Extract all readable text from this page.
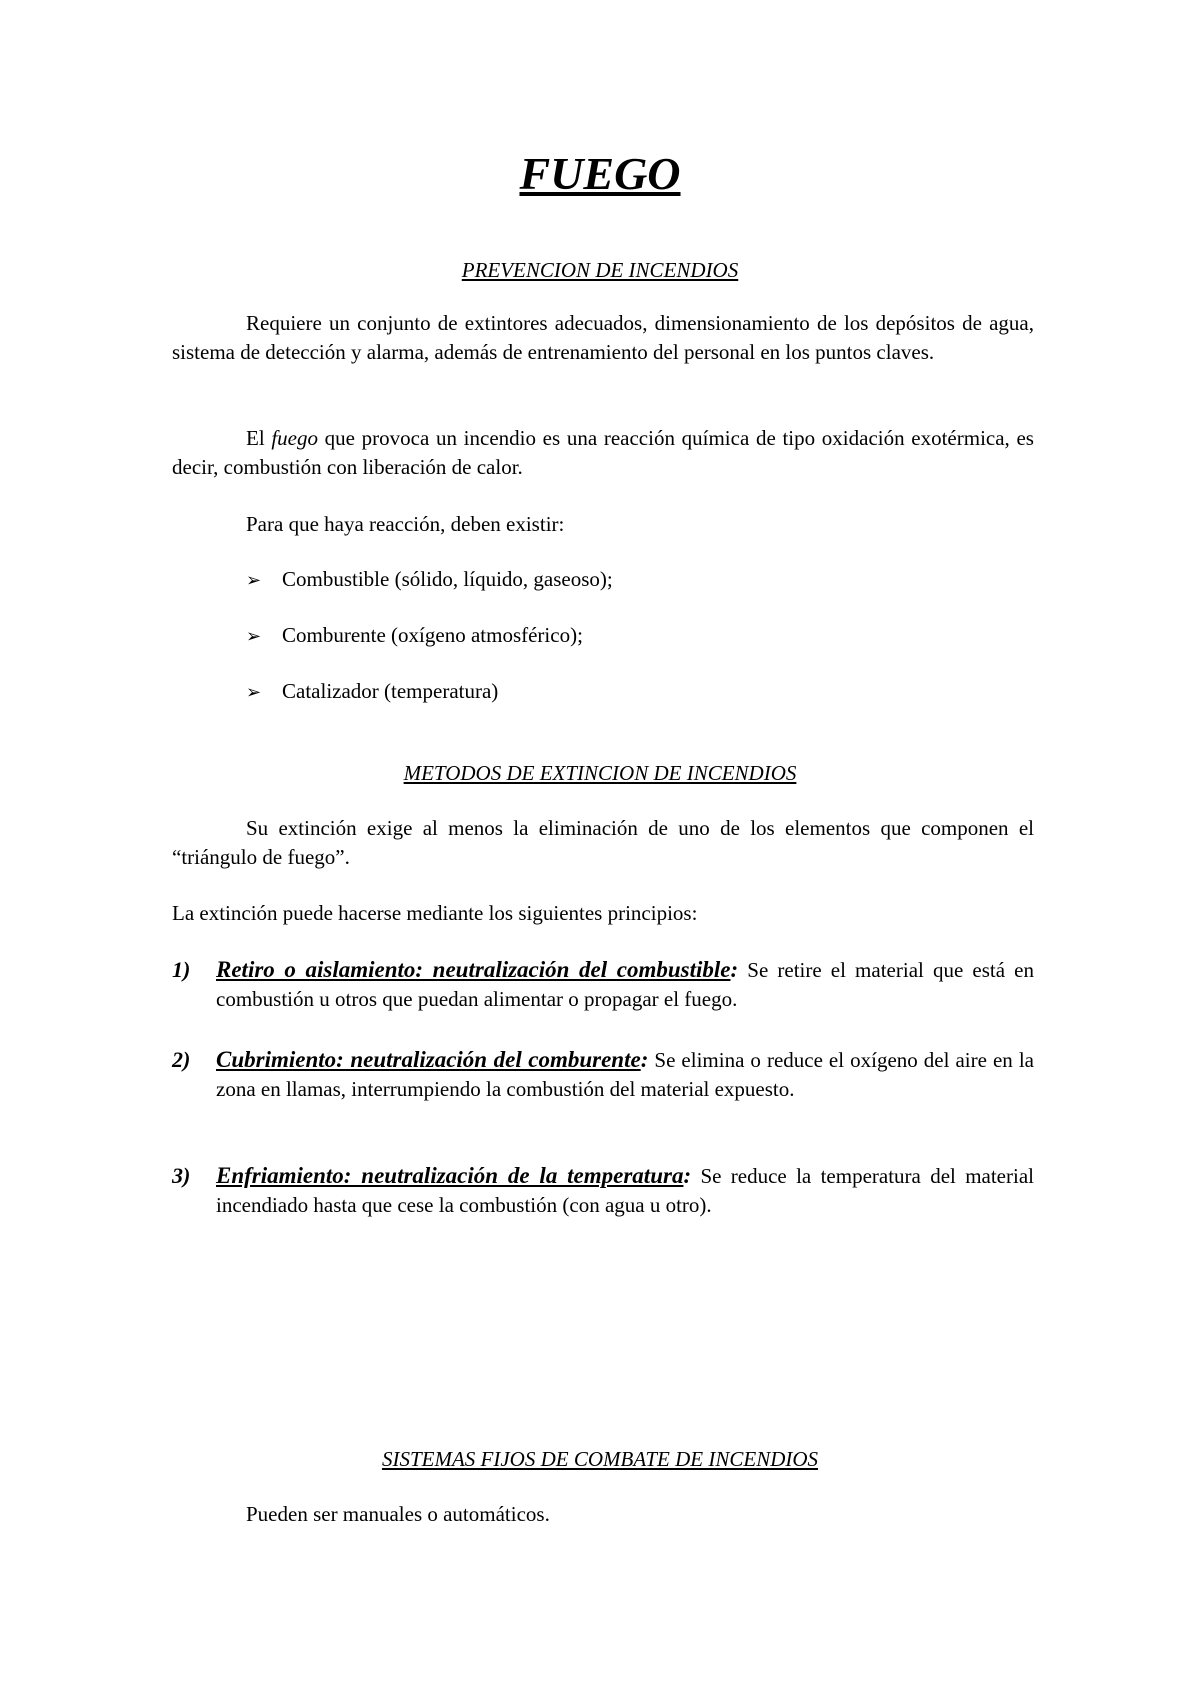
FUEGO
PREVENCION DE INCENDIOS
Requiere un conjunto de extintores adecuados, dimensionamiento de los depósitos de agua, sistema de detección y alarma, además de entrenamiento del personal en los puntos claves.
El fuego que provoca un incendio es una reacción química de tipo oxidación exotérmica, es decir, combustión con liberación de calor.
Para que haya reacción, deben existir:
➢ Combustible (sólido, líquido, gaseoso);
➢ Comburente (oxígeno atmosférico);
➢ Catalizador (temperatura)
METODOS DE EXTINCION DE INCENDIOS
Su extinción exige al menos la eliminación de uno de los elementos que componen el “triángulo de fuego”.
La extinción puede hacerse mediante los siguientes principios:
1) Retiro o aislamiento: neutralización del combustible: Se retire el material que está en combustión u otros que puedan alimentar o propagar el fuego.
2) Cubrimiento: neutralización del comburente: Se elimina o reduce el oxígeno del aire en la zona en llamas, interrumpiendo la combustión del material expuesto.
3) Enfriamiento: neutralización de la temperatura: Se reduce la temperatura del material incendiado hasta que cese la combustión (con agua u otro).
SISTEMAS FIJOS DE COMBATE DE INCENDIOS
Pueden ser manuales o automáticos.
